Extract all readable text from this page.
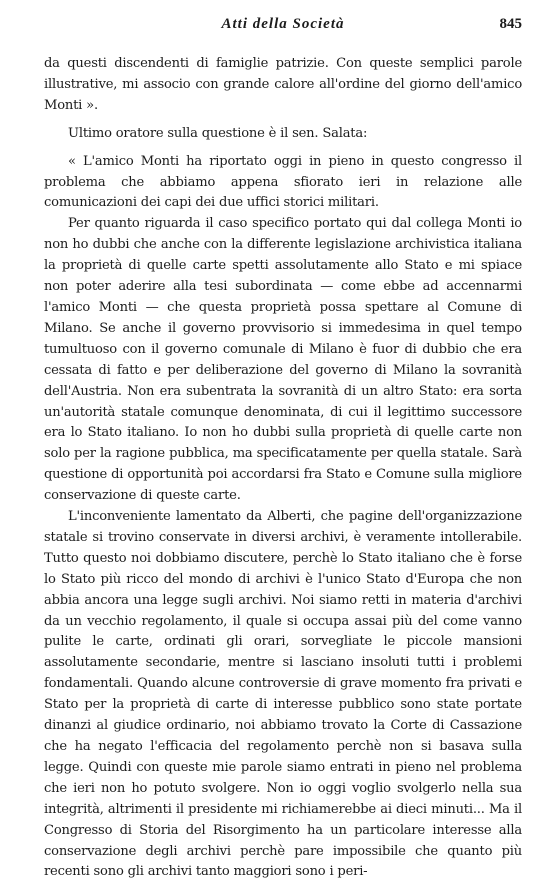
Atti della Società	845

da questi discendenti di famiglie patrizie. Con queste semplici parole illustrative, mi associo con grande calore all'ordine del giorno dell'amico Monti ».

Ultimo oratore sulla questione è il sen. Salata:

« L'amico Monti ha riportato oggi in pieno in questo congresso il problema che abbiamo appena sfiorato ieri in relazione alle comunicazioni dei capi dei due uffici storici militari.

Per quanto riguarda il caso specifico portato qui dal collega Monti io non ho dubbi che anche con la differente legislazione archivistica italiana la proprietà di quelle carte spetti assolutamente allo Stato e mi spiace non poter aderire alla tesi subordinata — come ebbe ad accennarmi l'amico Monti — che questa proprietà possa spettare al Comune di Milano. Se anche il governo provvisorio si immedesima in quel tempo tumultuoso con il governo comunale di Milano è fuor di dubbio che era cessata di fatto e per deliberazione del governo di Milano la sovranità dell'Austria. Non era subentrata la sovranità di un altro Stato: era sorta un'autorità statale comunque denominata, di cui il legittimo successore era lo Stato italiano. Io non ho dubbi sulla proprietà di quelle carte non solo per la ragione pubblica, ma specificatamente per quella statale. Sarà questione di opportunità poi accordarsi fra Stato e Comune sulla migliore conservazione di queste carte.

L'inconveniente lamentato da Alberti, che pagine dell'organizzazione statale si trovino conservate in diversi archivi, è veramente intollerabile. Tutto questo noi dobbiamo discutere, perchè lo Stato italiano che è forse lo Stato più ricco del mondo di archivi è l'unico Stato d'Europa che non abbia ancora una legge sugli archivi. Noi siamo retti in materia d'archivi da un vecchio regolamento, il quale si occupa assai più del come vanno pulite le carte, ordinati gli orari, sorvegliate le piccole mansioni assolutamente secondarie, mentre si lasciano insoluti tutti i problemi fondamentali. Quando alcune controversie di grave momento fra privati e Stato per la proprietà di carte di interesse pubblico sono state portate dinanzi al giudice ordinario, noi abbiamo trovato la Corte di Cassazione che ha negato l'efficacia del regolamento perchè non si basava sulla legge. Quindi con queste mie parole siamo entrati in pieno nel problema che ieri non ho potuto svolgere. Non io oggi voglio svolgerlo nella sua integrità, altrimenti il presidente mi richiamerebbe ai dieci minuti... Ma il Congresso di Storia del Risorgimento ha un particolare interesse alla conservazione degli archivi perchè pare impossibile che quanto più recenti sono gli archivi tanto maggiori sono i peri-
